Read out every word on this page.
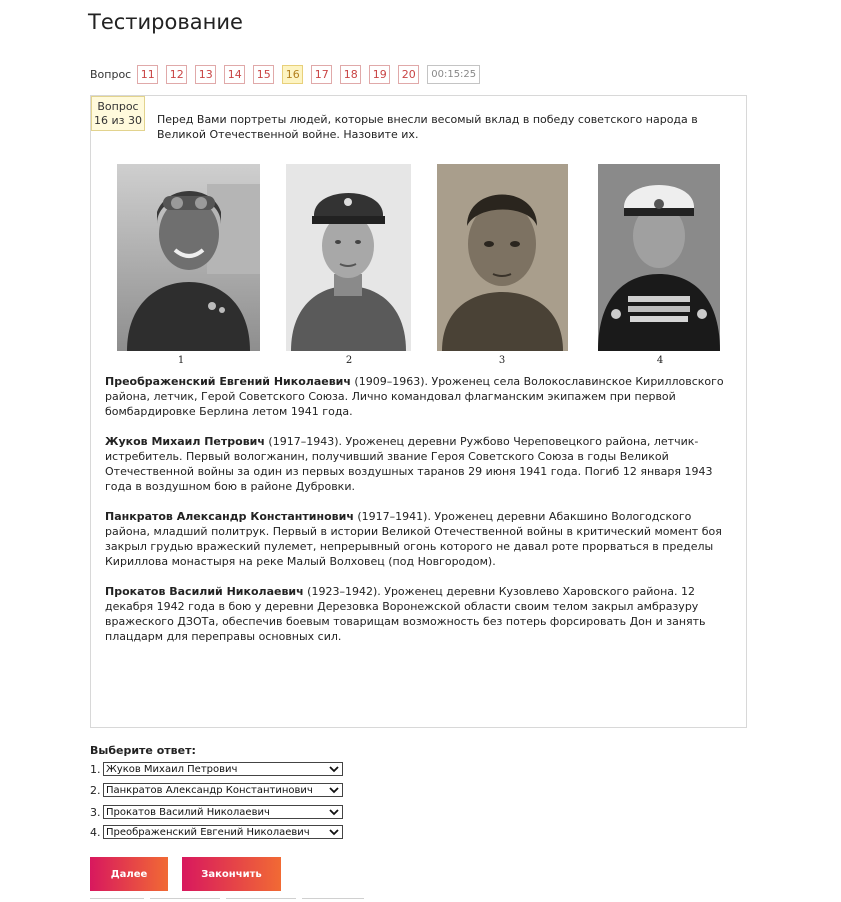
Тестирование
Вопрос 11	12	13	14	15	16	17	18	19	20	00:15:25
Вопрос
16 из 30 Перед Вами портреты людей, которые внесли весомый вклад в победу советского народа в Великой Отечественной войне. Назовите их.
1	2	3	4

Преображенский Евгений Николаевич (1909–1963). Уроженец села Волокославинское Кирилловского района, летчик, Герой Советского Союза. Лично командовал флагманским экипажем при первой бомбардировке Берлина летом 1941 года.

Жуков Михаил Петрович (1917–1943). Уроженец деревни Ружбово Череповецкого района, летчик-истребитель. Первый вологжанин, получивший звание Героя Советского Союза в годы Великой Отечественной войны за один из первых воздушных таранов 29 июня 1941 года. Погиб 12 января 1943 года в воздушном бою в районе Дубровки.

Панкратов Александр Константинович (1917–1941). Уроженец деревни Абакшино Вологодского района, младший политрук. Первый в истории Великой Отечественной войны в критический момент боя закрыл грудью вражеский пулемет, непрерывный огонь которого не давал роте прорваться в пределы Кириллова монастыря на реке Малый Волховец (под Новгородом).

Прокатов Василий Николаевич (1923–1942). Уроженец деревни Кузовлево Харовского района. 12 декабря 1942 года в бою у деревни Дерезовка Воронежской области своим телом закрыл амбразуру вражеского ДЗОТа, обеспечив боевым товарищам возможность без потерь форсировать Дон и занять плацдарм для переправы основных сил.

Выберите ответ:
1. Жуков Михаил Петрович
2. Панкратов Александр Константинович
3. Прокатов Василий Николаевич
4. Преображенский Евгений Николаевич
Далее	Закончить
